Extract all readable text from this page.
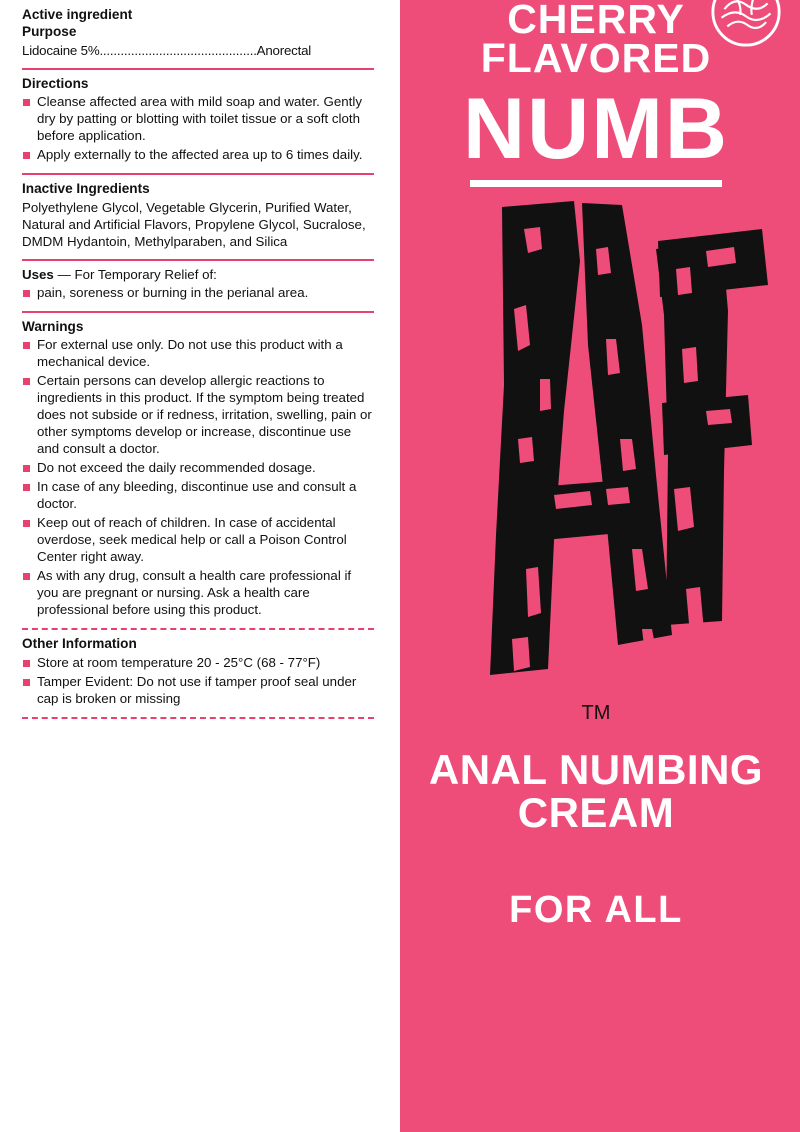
Active ingredient
Purpose
Lidocaine 5%.............................................Anorectal
Directions
Cleanse affected area with mild soap and water. Gently dry by patting or blotting with toilet tissue or a soft cloth before application.
Apply externally to the affected area up to 6 times daily.
Inactive Ingredients
Polyethylene Glycol, Vegetable Glycerin, Purified Water, Natural and Artificial Flavors, Propylene Glycol, Sucralose, DMDM Hydantoin, Methylparaben, and Silica
Uses — For Temporary Relief of:
pain, soreness or burning in the perianal area.
Warnings
For external use only. Do not use this product with a mechanical device.
Certain persons can develop allergic reactions to ingredients in this product. If the symptom being treated does not subside or if redness, irritation, swelling, pain or other symptoms develop or increase, discontinue use and consult a doctor.
Do not exceed the daily recommended dosage.
In case of any bleeding, discontinue use and consult a doctor.
Keep out of reach of children. In case of accidental overdose, seek medical help or call a Poison Control Center right away.
As with any drug, consult a health care professional if you are pregnant or nursing. Ask a health care professional before using this product.
Other Information
Store at room temperature 20 - 25°C (68 - 77°F)
Tamper Evident: Do not use if tamper proof seal under cap is broken or missing
CHERRY
FLAVORED
NUMB
TM
ANAL NUMBING
CREAM
FOR ALL
